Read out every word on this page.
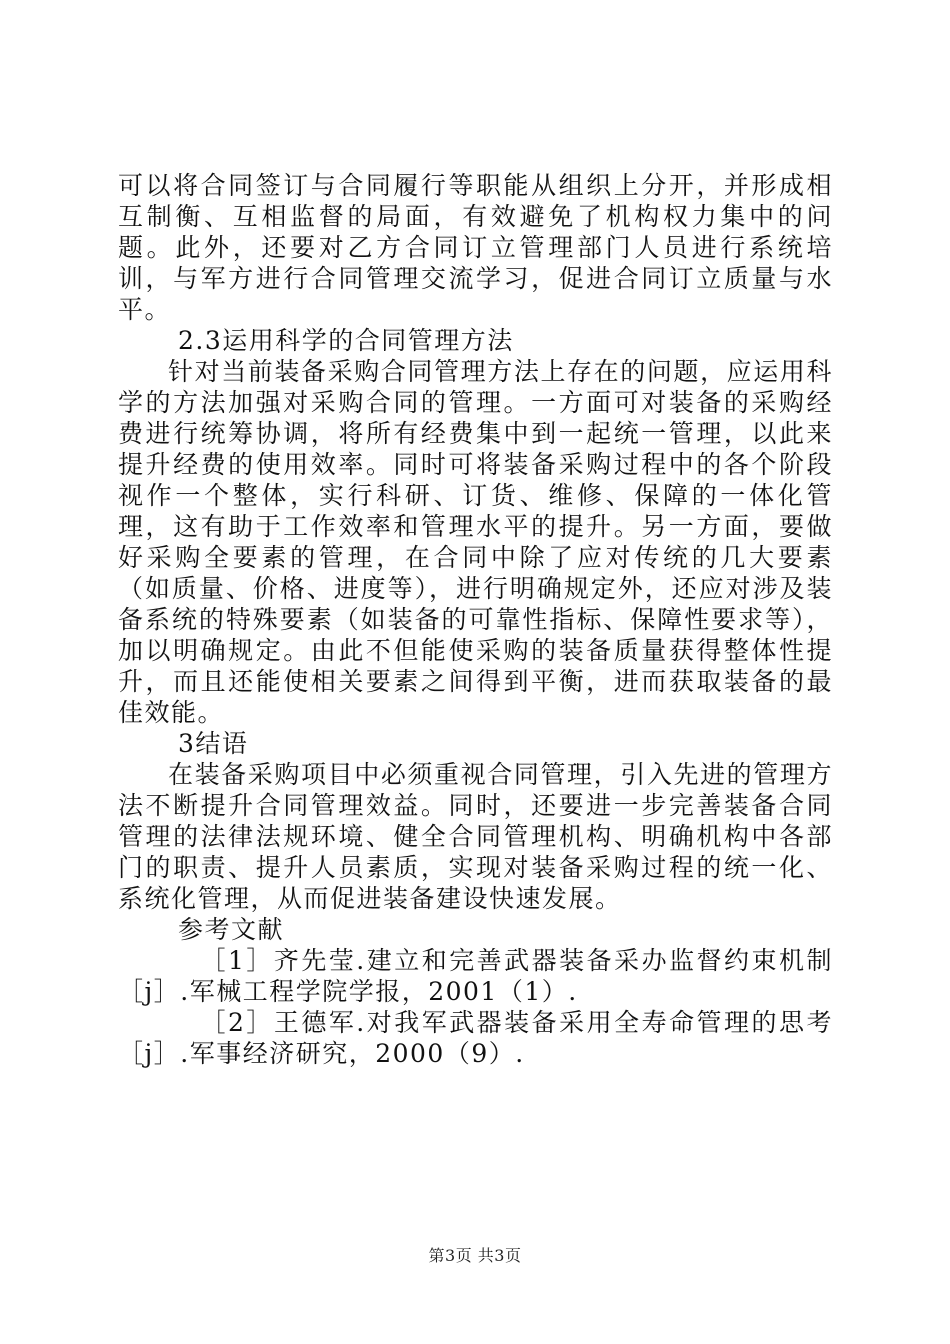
可以将合同签订与合同履行等职能从组织上分开，并形成相互制衡、互相监督的局面，有效避免了机构权力集中的问题。此外，还要对乙方合同订立管理部门人员进行系统培训，与军方进行合同管理交流学习，促进合同订立质量与水平。

2.3运用科学的合同管理方法

针对当前装备采购合同管理方法上存在的问题，应运用科学的方法加强对采购合同的管理。一方面可对装备的采购经费进行统筹协调，将所有经费集中到一起统一管理，以此来提升经费的使用效率。同时可将装备采购过程中的各个阶段视作一个整体，实行科研、订货、维修、保障的一体化管理，这有助于工作效率和管理水平的提升。另一方面，要做好采购全要素的管理，在合同中除了应对传统的几大要素（如质量、价格、进度等），进行明确规定外，还应对涉及装备系统的特殊要素（如装备的可靠性指标、保障性要求等），加以明确规定。由此不但能使采购的装备质量获得整体性提升，而且还能使相关要素之间得到平衡，进而获取装备的最佳效能。

3结语

在装备采购项目中必须重视合同管理，引入先进的管理方法不断提升合同管理效益。同时，还要进一步完善装备合同管理的法律法规环境、健全合同管理机构、明确机构中各部门的职责、提升人员素质，实现对装备采购过程的统一化、系统化管理，从而促进装备建设快速发展。

参考文献

［1］齐先莹.建立和完善武器装备采办监督约束机制［j］.军械工程学院学报，2001（1）.

［2］王德军.对我军武器装备采用全寿命管理的思考［j］.军事经济研究，2000（9）.

第3页 共3页
